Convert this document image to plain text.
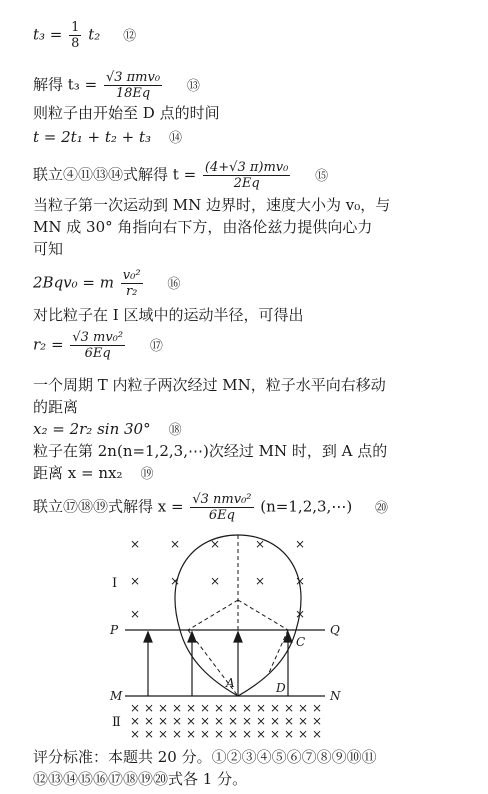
$t_3 = \frac{1}{8} t_2$ ⑫
解得 $t_3 = \frac{\text{√3 πmv₀}}{18Eq}$ ⑬
则粒子由开始至 D 点的时间
t = 2t₁ + t₂ + t₃ ⑭
联立④⑪⑬⑭式解得 $t = \frac{\text{(4+√3 π)mv₀}}{2Eq}$ ⑮
当粒子第一次运动到 MN 边界时，速度大小为 v₀，与
MN 成 30° 角指向右下方，由洛伦兹力提供向心力
可知
2Bqv₀ = m $\frac{\text{v₀²}}{\text{r₂}}$ ⑯
对比粒子在 Ⅰ 区域中的运动半径，可得出
$r_2 = \frac{\text{√3 mv₀²}}{6Eq}$ ⑰
一个周期 T 内粒子两次经过 MN，粒子水平向右移动
的距离
x₂ = 2r₂ sin 30° ⑱
粒子在第 2n(n=1,2,3,⋯)次经过 MN 时，到 A 点的
距离 x = nx₂ ⑲
联立⑰⑱⑲式解得 $x = \frac{\text{√3 nmv₀²}}{6Eq}$ (n=1,2,3,⋯) ⑳
× × ×	× ×
× × ×	× ×
×	×
Ⅰ
P	Q
M	N
× × × × × × × × × × × × × ×
× × × × × × × × × × × × × ×
× × × × × × × × × × × × × ×
Ⅱ
A
C
D
评分标准：本题共 20 分。①②③④⑤⑥⑦⑧⑨⑩⑪
⑫⑬⑭⑮⑯⑰⑱⑲⑳式各 1 分。
